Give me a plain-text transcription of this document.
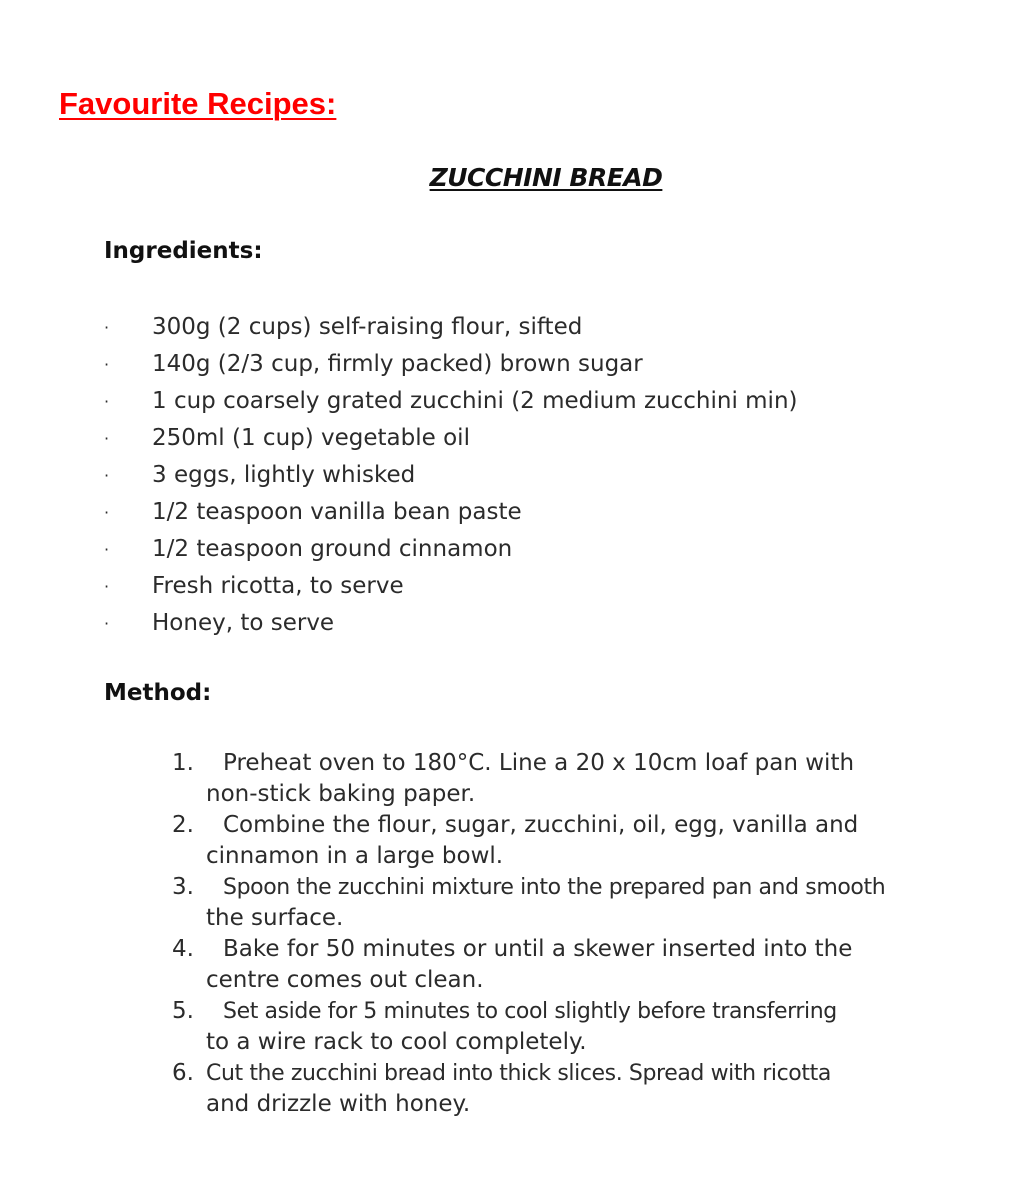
Favourite Recipes:
ZUCCHINI BREAD
Ingredients:
· 300g (2 cups) self-raising flour, sifted
· 140g (2/3 cup, firmly packed) brown sugar
· 1 cup coarsely grated zucchini (2 medium zucchini min)
· 250ml (1 cup) vegetable oil
· 3 eggs, lightly whisked
· 1/2 teaspoon vanilla bean paste
· 1/2 teaspoon ground cinnamon
· Fresh ricotta, to serve
· Honey, to serve
Method:
1. Preheat oven to 180°C. Line a 20 x 10cm loaf pan with
non-stick baking paper.
2. Combine the flour, sugar, zucchini, oil, egg, vanilla and
cinnamon in a large bowl.
3. Spoon the zucchini mixture into the prepared pan and smooth
the surface.
4. Bake for 50 minutes or until a skewer inserted into the
centre comes out clean.
5. Set aside for 5 minutes to cool slightly before transferring
to a wire rack to cool completely.
6. Cut the zucchini bread into thick slices. Spread with ricotta
and drizzle with honey.
